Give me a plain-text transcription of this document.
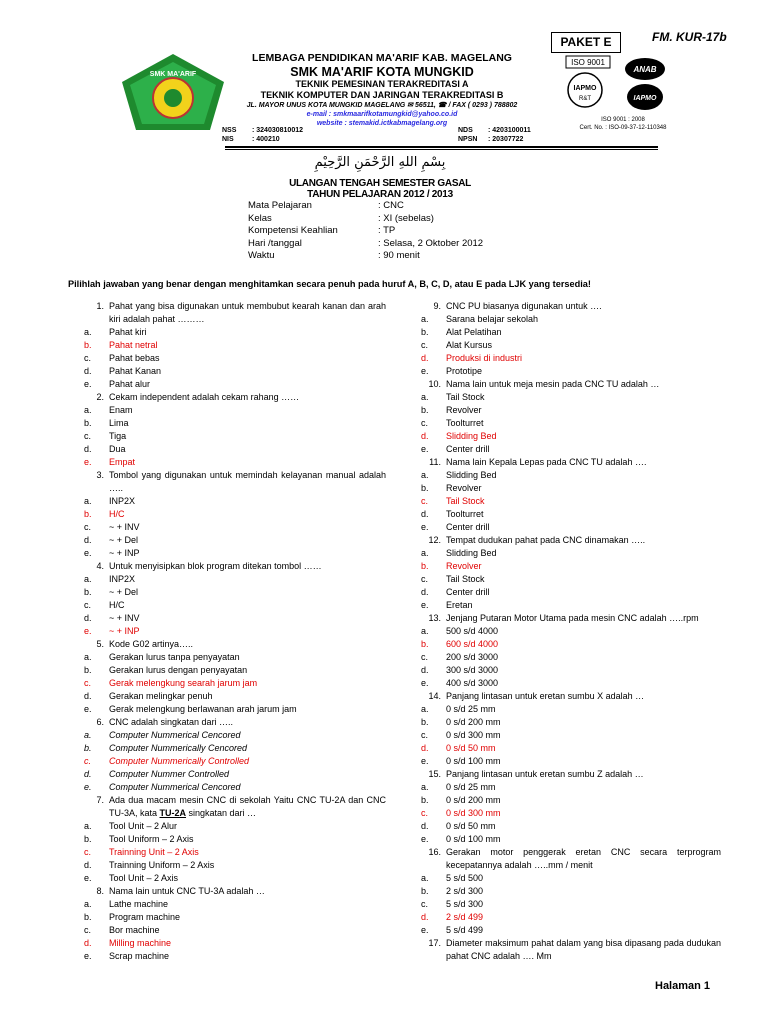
PAKET E	FM. KUR-17b
SMK MA'ARIF
LEMBAGA PENDIDIKAN MA'ARIF KAB. MAGELANG
SMK MA'ARIF KOTA MUNGKID
TEKNIK PEMESINAN TERAKREDITASI A
TEKNIK KOMPUTER DAN JARINGAN TERAKREDITASI B
JL. MAYOR UNUS KOTA MUNGKID MAGELANG ✉ 56511, ☎ / FAX ( 0293 ) 788802
e-mail : smkmaarifkotamungkid@yahoo.co.id
website : stemakid.ictkabmagelang.org
NSS	: 324030810012
NIS	: 400210
NDS	: 4203100011
NPSN	: 20307722
ISO 9001
IAPMO
R&T
ANAB
IAPMO
ISO 9001 : 2008
Cert. No. : ISO-09-37-12-110348
بِسْمِ اللهِ الرَّحْمَنِ الرَّحِيْمِ
ULANGAN TENGAH SEMESTER GASAL
TAHUN PELAJARAN 2012 / 2013
Mata Pelajaran	: CNC
Kelas	: XI (sebelas)
Kompetensi Keahlian	: TP
Hari /tanggal	: Selasa, 2 Oktober 2012
Waktu	: 90 menit
Pilihlah jawaban yang benar dengan menghitamkan secara penuh pada huruf A, B, C, D, atau E pada LJK yang tersedia!
1. Pahat yang bisa digunakan untuk membubut kearah kanan dan arah kiri adalah pahat ………
a. Pahat kiri
b. Pahat netral
c. Pahat bebas
d. Pahat Kanan
e. Pahat alur
2. Cekam independent adalah cekam rahang ……
a. Enam
b. Lima
c. Tiga
d. Dua
e. Empat
3. Tombol yang digunakan untuk memindah kelayanan manual adalah …..
a. INP2X
b. H/C
c. ~ + INV
d. ~ + Del
e. ~ + INP
4. Untuk menyisipkan blok program ditekan tombol ……
a. INP2X
b. ~ + Del
c. H/C
d. ~ + INV
e. ~ + INP
5. Kode G02 artinya…..
a. Gerakan lurus tanpa penyayatan
b. Gerakan lurus dengan penyayatan
c. Gerak melengkung searah jarum jam
d. Gerakan melingkar penuh
e. Gerak melengkung berlawanan arah jarum jam
6. CNC adalah singkatan dari …..
a. Computer Nummerical Cencored
b. Computer Nummerically Cencored
c. Computer Nummerically Controlled
d. Computer Nummer Controlled
e. Computer Nummerical Cencored
7. Ada dua macam mesin CNC di sekolah Yaitu CNC TU-2A dan CNC TU-3A, kata TU-2A singkatan dari …
a. Tool Unit – 2 Alur
b. Tool Uniform – 2 Axis
c. Trainning Unit – 2 Axis
d. Trainning Uniform – 2 Axis
e. Tool Unit – 2 Axis
8. Nama lain untuk CNC TU-3A adalah …
a. Lathe machine
b. Program machine
c. Bor machine
d. Milling machine
e. Scrap machine
9. CNC PU biasanya digunakan untuk ….
a. Sarana belajar sekolah
b. Alat Pelatihan
c. Alat Kursus
d. Produksi di industri
e. Prototipe
10. Nama lain untuk meja mesin pada CNC TU adalah …
a. Tail Stock
b. Revolver
c. Toolturret
d. Slidding Bed
e. Center drill
11. Nama lain Kepala Lepas pada CNC TU adalah ….
a. Slidding Bed
b. Revolver
c. Tail Stock
d. Toolturret
e. Center drill
12. Tempat dudukan pahat pada CNC dinamakan …..
a. Slidding Bed
b. Revolver
c. Tail Stock
d. Center drill
e. Eretan
13. Jenjang Putaran Motor Utama pada mesin CNC adalah …..rpm
a. 500 s/d 4000
b. 600 s/d 4000
c. 200 s/d 3000
d. 300 s/d 3000
e. 400 s/d 3000
14. Panjang lintasan untuk eretan sumbu X adalah …
a. 0 s/d 25 mm
b. 0 s/d 200 mm
c. 0 s/d 300 mm
d. 0 s/d 50 mm
e. 0 s/d 100 mm
15. Panjang lintasan untuk eretan sumbu Z adalah …
a. 0 s/d 25 mm
b. 0 s/d 200 mm
c. 0 s/d 300 mm
d. 0 s/d 50 mm
e. 0 s/d 100 mm
16. Gerakan motor penggerak eretan CNC secara terprogram kecepatannya adalah …..mm / menit
a. 5 s/d 500
b. 2 s/d 300
c. 5 s/d 300
d. 2 s/d 499
e. 5 s/d 499
17. Diameter maksimum pahat dalam yang bisa dipasang pada dudukan pahat CNC adalah …. Mm
Halaman 1
